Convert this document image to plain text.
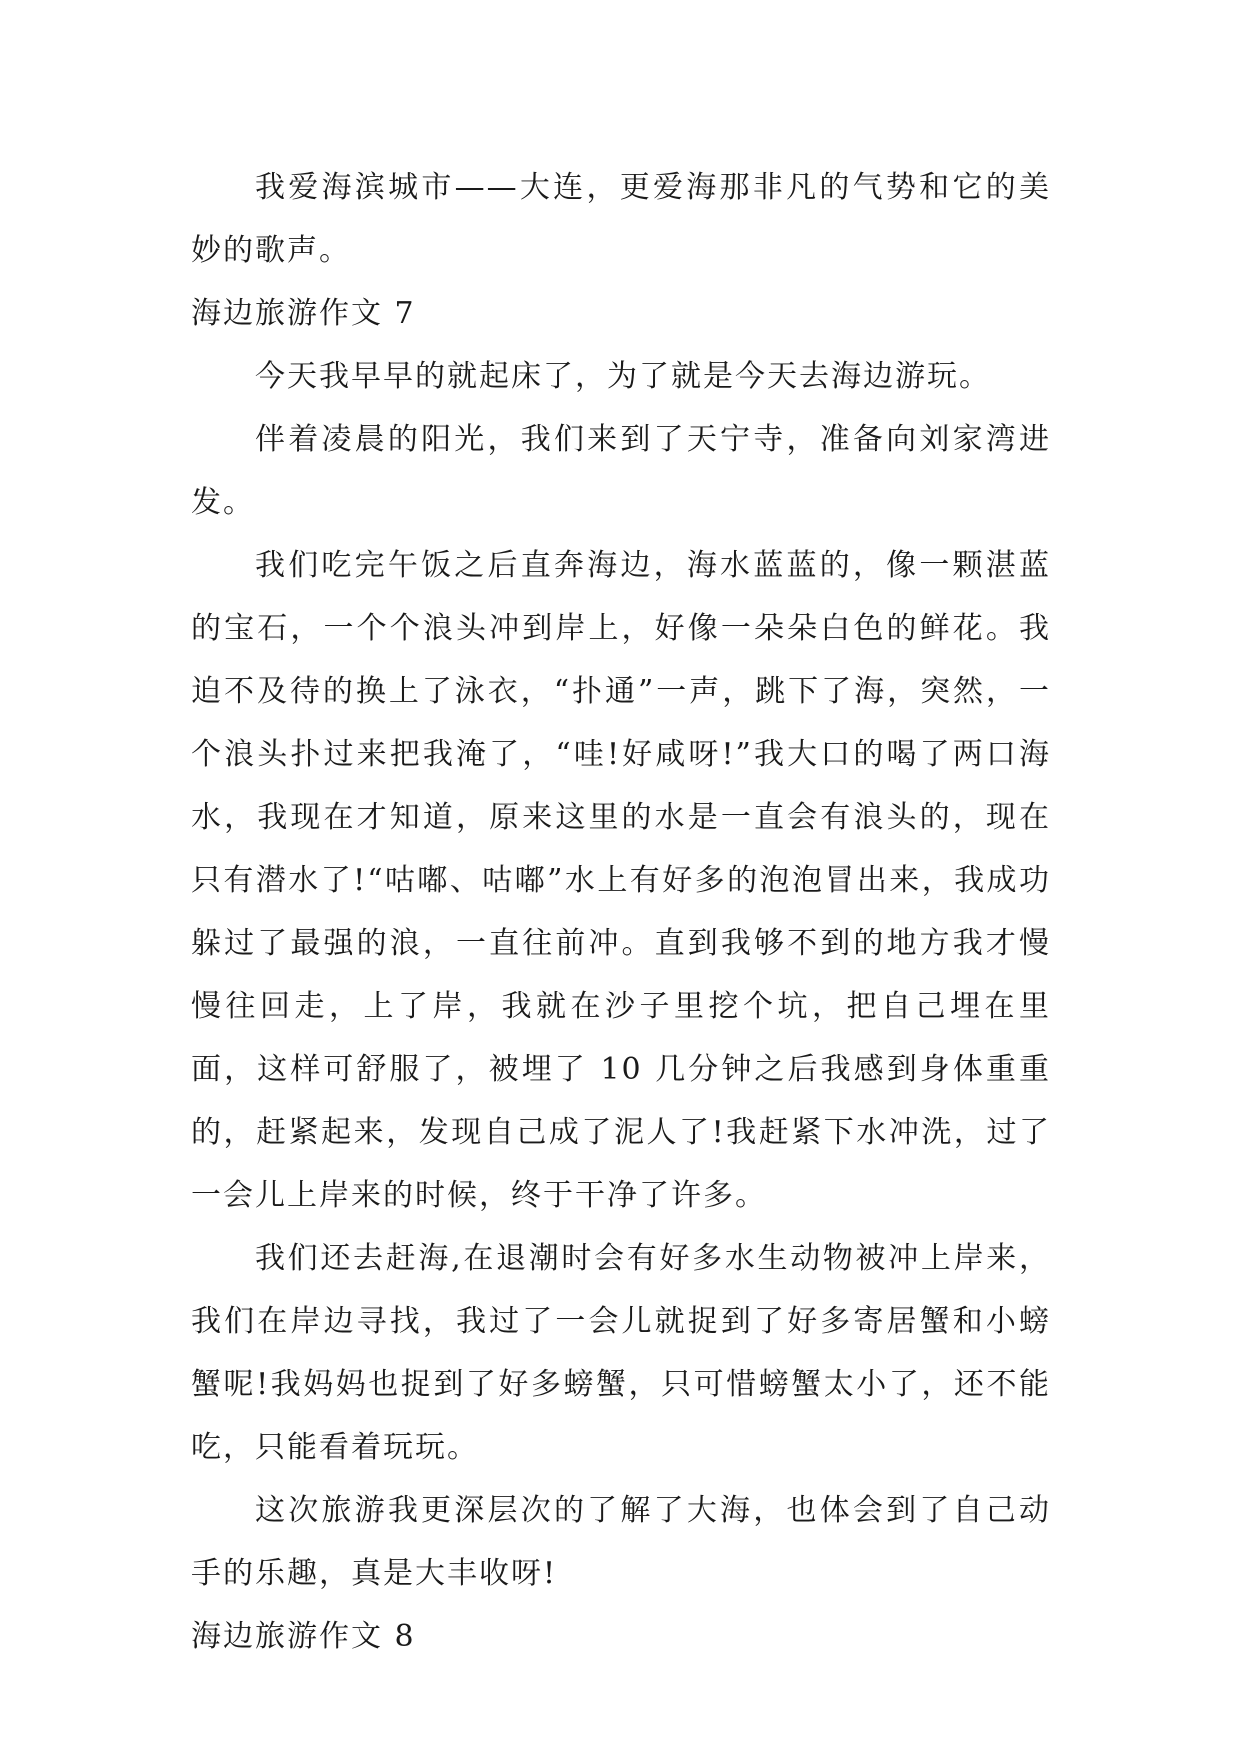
我爱海滨城市——大连，更爱海那非凡的气势和它的美妙的歌声。

海边旅游作文 7

今天我早早的就起床了，为了就是今天去海边游玩。

伴着凌晨的阳光，我们来到了天宁寺，准备向刘家湾进发。

我们吃完午饭之后直奔海边，海水蓝蓝的，像一颗湛蓝的宝石，一个个浪头冲到岸上，好像一朵朵白色的鲜花。我迫不及待的换上了泳衣，“扑通”一声，跳下了海，突然，一个浪头扑过来把我淹了，“哇!好咸呀!”我大口的喝了两口海水，我现在才知道，原来这里的水是一直会有浪头的，现在只有潜水了!“咕嘟、咕嘟”水上有好多的泡泡冒出来，我成功躲过了最强的浪，一直往前冲。直到我够不到的地方我才慢慢往回走，上了岸，我就在沙子里挖个坑，把自己埋在里面，这样可舒服了，被埋了 10 几分钟之后我感到身体重重的，赶紧起来，发现自己成了泥人了!我赶紧下水冲洗，过了一会儿上岸来的时候，终于干净了许多。

我们还去赶海,在退潮时会有好多水生动物被冲上岸来，我们在岸边寻找，我过了一会儿就捉到了好多寄居蟹和小螃蟹呢!我妈妈也捉到了好多螃蟹，只可惜螃蟹太小了，还不能吃，只能看着玩玩。

这次旅游我更深层次的了解了大海，也体会到了自己动手的乐趣，真是大丰收呀!

海边旅游作文 8
